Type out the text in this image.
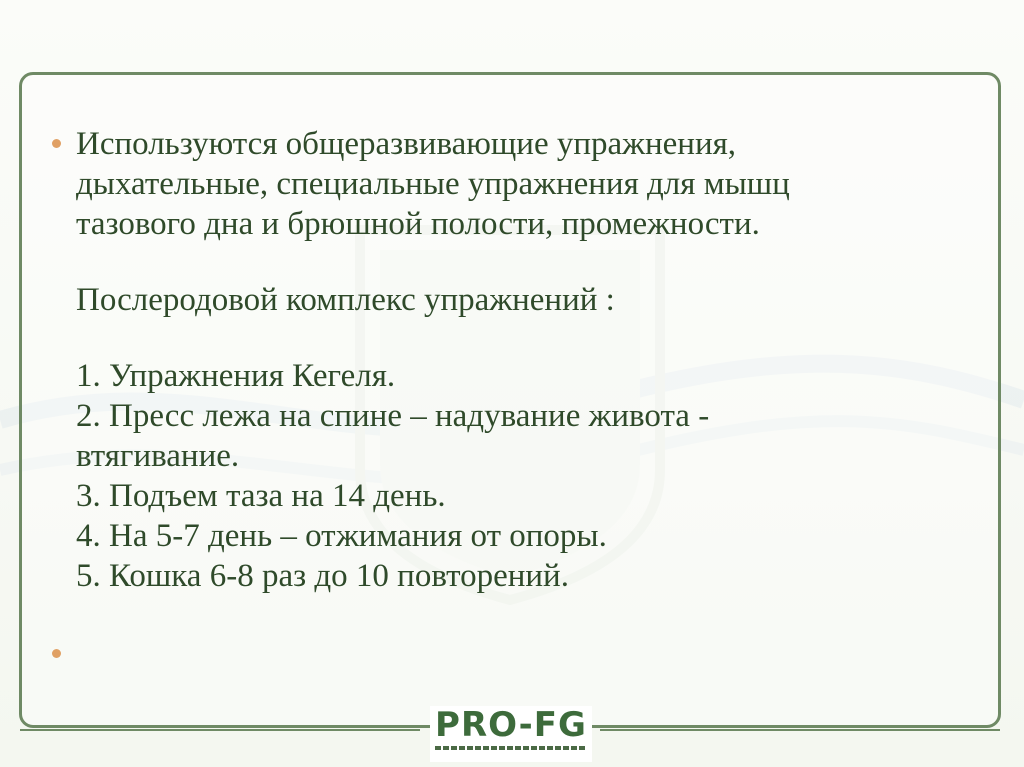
Используются общеразвивающие упражнения,
дыхательные, специальные упражнения для мышц
тазового дна и брюшной полости, промежности.
Послеродовой комплекс упражнений :
1. Упражнения Кегеля.
2. Пресс лежа на спине – надувание живота -
втягивание.
3. Подъем таза на 14 день.
4. На 5-7 день – отжимания от опоры.
5. Кошка 6-8 раз до 10 повторений.
PRO-FG
